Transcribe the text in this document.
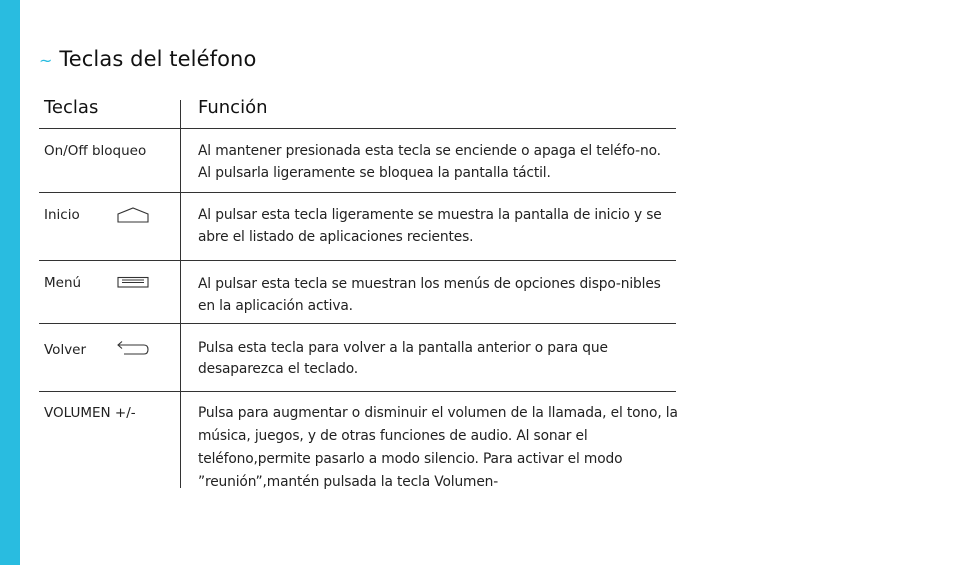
~ Teclas del teléfono
Teclas	Función
On/Off bloqueo	Al mantener presionada esta tecla se enciende o apaga el teléfo-no. Al pulsarla ligeramente se bloquea la pantalla táctil.
Inicio	Al pulsar esta tecla ligeramente se muestra la pantalla de inicio y se abre el listado de aplicaciones recientes.
Menú	Al pulsar esta tecla se muestran los menús de opciones dispo-nibles en la aplicación activa.
Volver	Pulsa esta tecla para volver a la pantalla anterior o para que desaparezca el teclado.
VOLUMEN +/-	Pulsa para augmentar o disminuir el volumen de la llamada, el tono, la música, juegos, y de otras funciones de audio. Al sonar el teléfono,permite pasarlo a modo silencio. Para activar el modo ”reunión”,mantén pulsada la tecla Volumen-
